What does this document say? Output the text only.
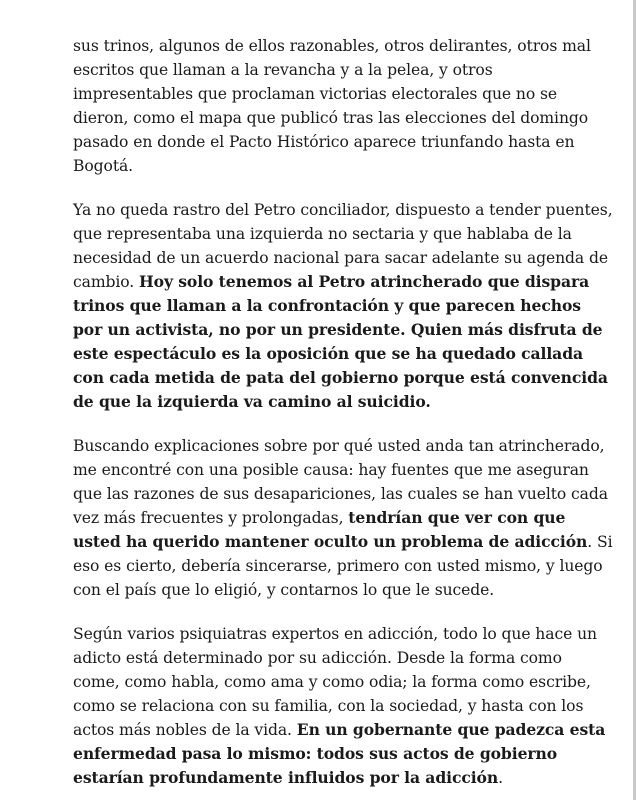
sus trinos, algunos de ellos razonables, otros delirantes, otros mal escritos que llaman a la revancha y a la pelea, y otros impresentables que proclaman victorias electorales que no se dieron, como el mapa que publicó tras las elecciones del domingo pasado en donde el Pacto Histórico aparece triunfando hasta en Bogotá.

Ya no queda rastro del Petro conciliador, dispuesto a tender puentes, que representaba una izquierda no sectaria y que hablaba de la necesidad de un acuerdo nacional para sacar adelante su agenda de cambio. Hoy solo tenemos al Petro atrincherado que dispara trinos que llaman a la confrontación y que parecen hechos por un activista, no por un presidente. Quien más disfruta de este espectáculo es la oposición que se ha quedado callada con cada metida de pata del gobierno porque está convencida de que la izquierda va camino al suicidio.

Buscando explicaciones sobre por qué usted anda tan atrincherado, me encontré con una posible causa: hay fuentes que me aseguran que las razones de sus desapariciones, las cuales se han vuelto cada vez más frecuentes y prolongadas, tendrían que ver con que usted ha querido mantener oculto un problema de adicción. Si eso es cierto, debería sincerarse, primero con usted mismo, y luego con el país que lo eligió, y contarnos lo que le sucede.

Según varios psiquiatras expertos en adicción, todo lo que hace un adicto está determinado por su adicción. Desde la forma como come, como habla, como ama y como odia; la forma como escribe, como se relaciona con su familia, con la sociedad, y hasta con los actos más nobles de la vida. En un gobernante que padezca esta enfermedad pasa lo mismo: todos sus actos de gobierno estarían profundamente influidos por la adicción.
